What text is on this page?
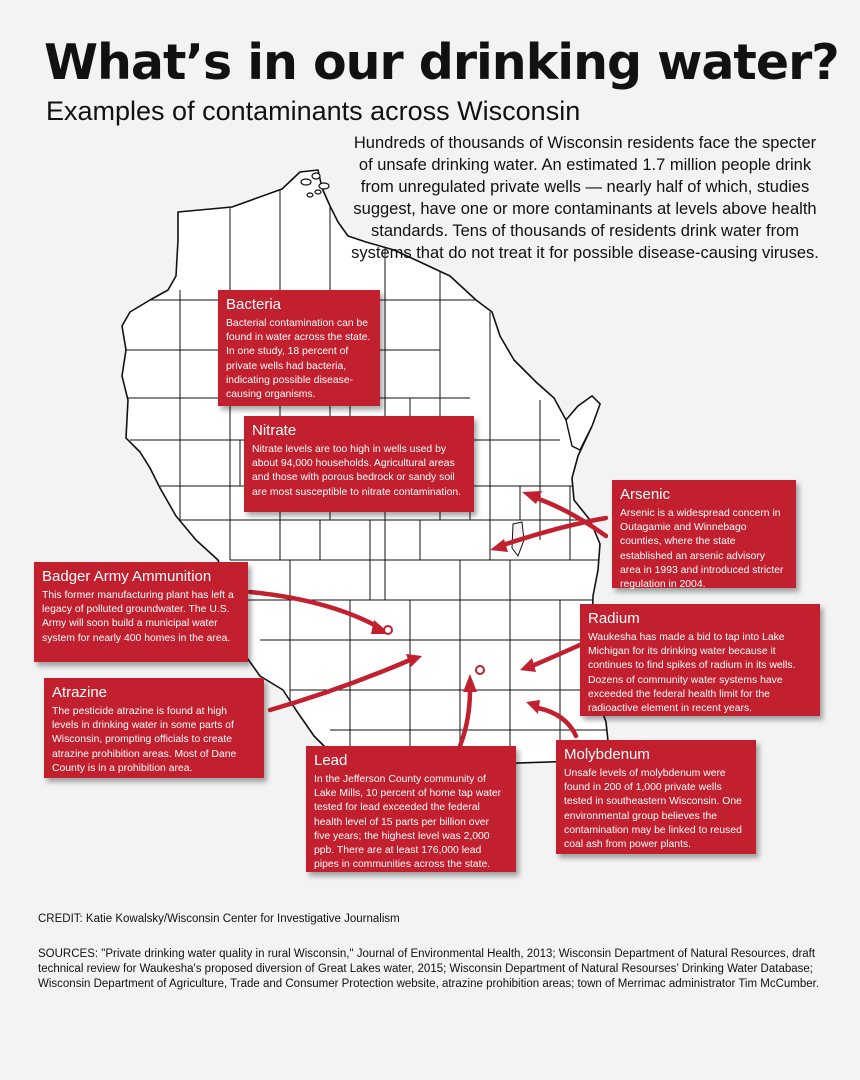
What’s in our drinking water?
Examples of contaminants across Wisconsin
Hundreds of thousands of Wisconsin residents face the specter of unsafe drinking water. An estimated 1.7 million people drink from unregulated private wells — nearly half of which, studies suggest, have one or more contaminants at levels above health standards. Tens of thousands of residents drink water from systems that do not treat it for possible disease-causing viruses.
Bacteria

Bacterial contamination can be found in water across the state. In one study, 18 percent of private wells had bacteria, indicating possible disease-causing organisms.

Nitrate

Nitrate levels are too high in wells used by about 94,000 households. Agricultural areas and those with porous bedrock or sandy soil are most susceptible to nitrate contamination.	Arsenic

Arsenic is a widespread concern in Outagamie and Winnebago counties, where the state established an arsenic advisory area in 1993 and introduced stricter regulation in 2004.

Badger Army Ammunition

This former manufacturing plant has left a legacy of polluted groundwater. The U.S. Army will soon build a municipal water system for nearly 400 homes in the area.

Radium

Waukesha has made a bid to tap into Lake Michigan for its drinking water because it continues to find spikes of radium in its wells. Dozens of community water systems have exceeded the federal health limit for the radioactive element in recent years.

Atrazine

The pesticide atrazine is found at high levels in drinking water in some parts of Wisconsin, prompting officials to create atrazine prohibition areas. Most of Dane County is in a prohibition area.	Lead

In the Jefferson County community of Lake Mills, 10 percent of home tap water tested for lead exceeded the federal health level of 15 parts per billion over five years; the highest level was 2,000 ppb. There are at least 176,000 lead pipes in communities across the state.

Molybdenum

Unsafe levels of molybdenum were found in 200 of 1,000 private wells tested in southeastern Wisconsin. One environmental group believes the contamination may be linked to reused coal ash from power plants.

CREDIT: Katie Kowalsky/Wisconsin Center for Investigative Journalism
SOURCES: "Private drinking water quality in rural Wisconsin," Journal of Environmental Health, 2013; Wisconsin Department of Natural Resources, draft technical review for Waukesha's proposed diversion of Great Lakes water, 2015; Wisconsin Department of Natural Resourses’ Drinking Water Database; Wisconsin Department of Agriculture, Trade and Consumer Protection website, atrazine prohibition areas; town of Merrimac administrator Tim McCumber.
